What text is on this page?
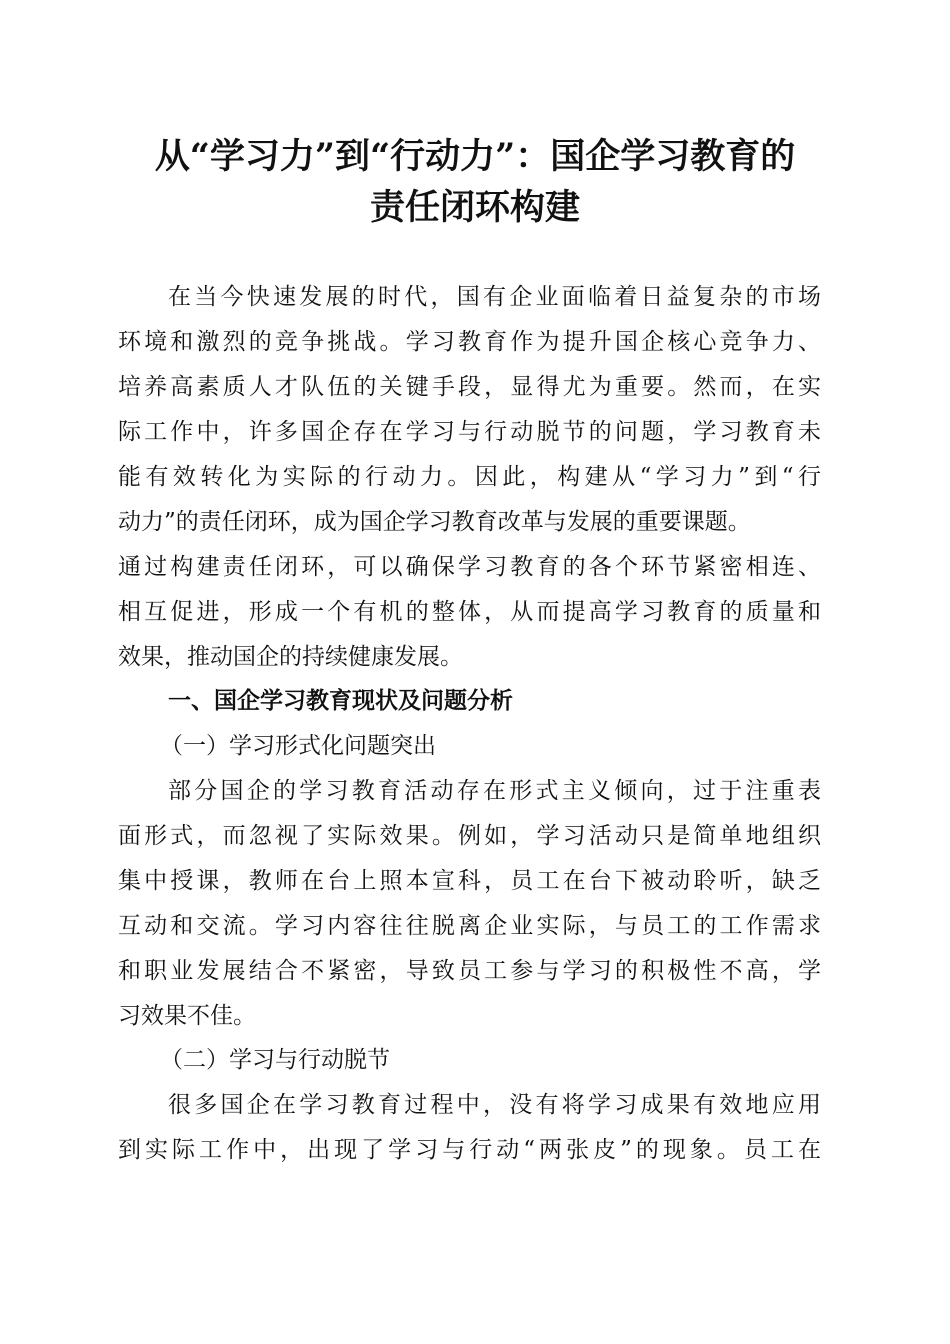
从“学习力”到“行动力”：国企学习教育的
责任闭环构建
在当今快速发展的时代，国有企业面临着日益复杂的市场
环境和激烈的竞争挑战。学习教育作为提升国企核心竞争力、
培养高素质人才队伍的关键手段，显得尤为重要。然而，在实
际工作中，许多国企存在学习与行动脱节的问题，学习教育未
能有效转化为实际的行动力。因此，构建从“学习力”到“行
动力”的责任闭环，成为国企学习教育改革与发展的重要课题。
通过构建责任闭环，可以确保学习教育的各个环节紧密相连、
相互促进，形成一个有机的整体，从而提高学习教育的质量和
效果，推动国企的持续健康发展。
一、国企学习教育现状及问题分析
（一）学习形式化问题突出
部分国企的学习教育活动存在形式主义倾向，过于注重表
面形式，而忽视了实际效果。例如，学习活动只是简单地组织
集中授课，教师在台上照本宣科，员工在台下被动聆听，缺乏
互动和交流。学习内容往往脱离企业实际，与员工的工作需求
和职业发展结合不紧密，导致员工参与学习的积极性不高，学
习效果不佳。
（二）学习与行动脱节
很多国企在学习教育过程中，没有将学习成果有效地应用
到实际工作中，出现了学习与行动“两张皮”的现象。员工在
